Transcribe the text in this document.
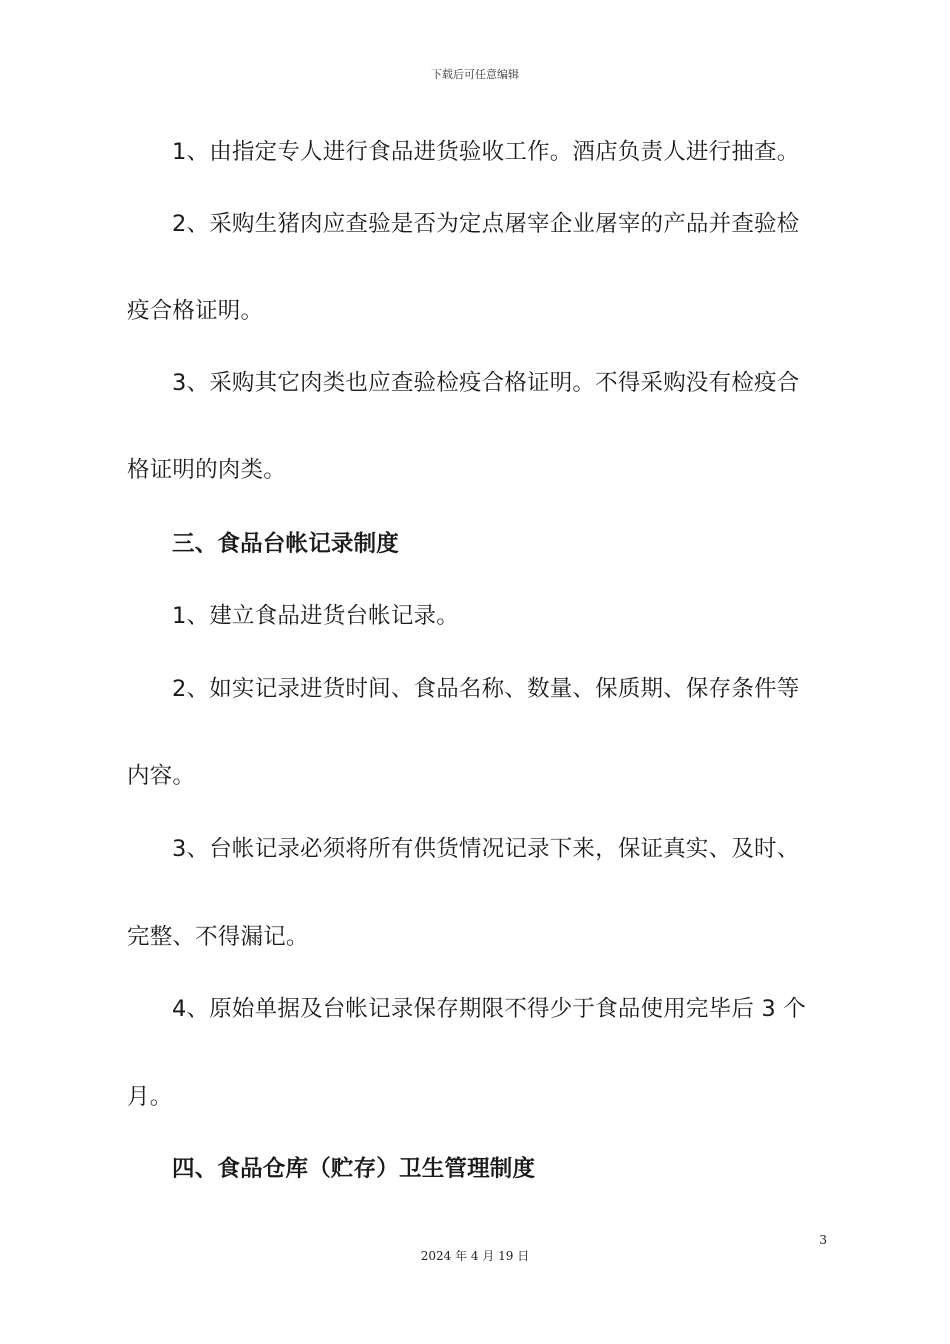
下载后可任意编辑
1、由指定专人进行食品进货验收工作。酒店负责人进行抽查。
2、采购生猪肉应查验是否为定点屠宰企业屠宰的产品并查验检
疫合格证明。
3、采购其它肉类也应查验检疫合格证明。不得采购没有检疫合
格证明的肉类。
三、食品台帐记录制度
1、建立食品进货台帐记录。
2、如实记录进货时间、食品名称、数量、保质期、保存条件等
内容。
3、台帐记录必须将所有供货情况记录下来，保证真实、及时、
完整、不得漏记。
4、原始单据及台帐记录保存期限不得少于食品使用完毕后 3 个
月。
四、食品仓库（贮存）卫生管理制度
3
2024 年 4 月 19 日
